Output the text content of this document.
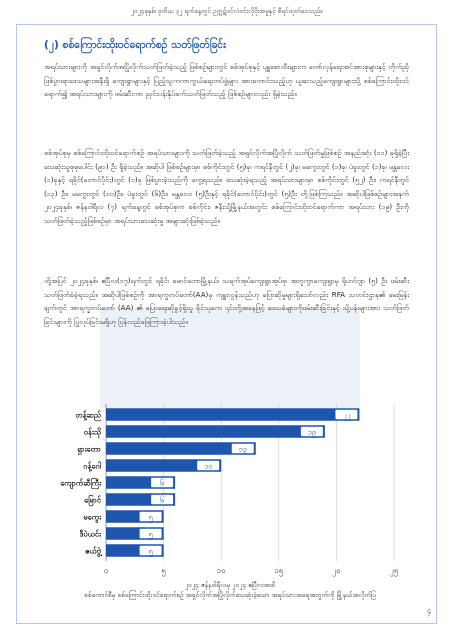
၂၀၂၄ခုနှစ်၊ ဒုတိယ ၃၂ ရက်နေ့တွင် ဥက္ကဋ်ဝင်လဲဝင်းလိုဝိုးအမှုနှင့် စီရင်ထုတ်ဝေသည်။
(၂) စစ်ကြောင်းထိုးဝင်ရောက်စဉ် သတ်ဖြတ်ခြင်း

အရပ်သားများကို အရှင်လိုက်အပြိုလိုက်သတ်ဖြတ်ခဲ့သည့် ဖြစ်စဉ်များတွင် စစ်အုပ်စုနှင့် ပျူစောထီးများက တော်လှန်ရေးအင်အားစုများနှင့် ကိုက်ညှိဖြစ်ပွားရာဒေသများအနီးရှိ ကျေးရွာများနှင့် ပြည့်သူကကာကွယ်ရေးတပ်ဖွဲ့များ အားကောင်းသည့်ဟု ယူဆသည့်ကျေးရွာများသို့ စစ်ကြောင်းထိုးဝင်ရောက်၍ အရပ်သားများကို ဖမ်းဆီးကာ ညှင်းပန်းနှိပ်စက်သတ်ဖြတ်သည့် ဖြစ်စဉ်များလည်း ရှိခဲ့သည်။

စစ်အုပ်စုမှ စစ်ကြောင်းထိုးဝင်ရောက်စဉ် အရပ်သားများကို သတ်ဖြတ်ခဲ့သည့် အရှင်လိုက်အပြိုလိုက် သတ်ဖြတ်မှုဖြစ်စဉ် အနည်းဆုံး (၁၁) ခုရှိခဲ့ပြီး သေဆုံးသူစုစုပေါင်း (၉၁) ဦး ရှိခဲ့သည်။ အဆိုပါ ဖြစ်စဉ်များမှာ စစ်ကိုင်းတွင် (၅)ခု၊ ကရင်နီတွင် (၂)ခု၊ မကွေးတွင် (၁)ခု၊ ပဲခူးတွင် (၁)ခု၊ မန္တလေး (၁)ခုနှင့် ရခိုင်(တောင်ပိုင်း)တွင် (၁)ခု ဖြစ်ပွားခဲ့သည်ကို တွေ့ရသည်။ သေဆုံးခဲ့ရသည့် အရပ်သားများမှာ စစ်ကိုင်းတွင် (၅၂) ဦး၊ ကရင်နီတွင် (၁၃) ဦး၊ မကွေးတွင် (၁၀)ဦး၊ ပဲခူးတွင် (၆)ဦး၊ မန္တလေး (၅)ဦးနှင့် ရခိုင်(တောင်ပိုင်း)တွင် (၅)ဦး တို့ဖြစ်ကြသည်။ အဆိုပါဖြစ်စဉ်များအနက် ၂၀၂၄ခုနှစ်၊ ဇန်နဝါရီလ (၇) ရက်နေ့တွင် စစ်အုပ်စုက စစ်ကိုင်း၊ ဇနီးသို့မြို့နယ်အတွင်း စစ်ကြောင်းထိုးဝင်ရောက်ကာ အရပ်သား (၁၉) ဦးကို သတ်ဖြတ်ခဲ့သည့်ဖြစ်စဉ်မှာ အရပ်သားသေဆုံးမှု အများဆုံးဖြစ်ခဲ့သည်။

ထို့အပြင် ၂၀၂၄ခုနှစ်၊ ဧပြီလ(၁၇)ရက်တွင် ရခိုင်၊ မောင်တောမြို့နယ်၊ သရက်အုပ်ကျေးရွာအုပ်စု၊ အဘူကွာကျေးရွာမှ ရိုဟင်ဂျာ (၅) ဦး ဖမ်းဆီးသတ်ဖြတ်ခံခဲ့ရသည်။ အဆိုပါဖြစ်စဉ်ကို အာရက္ခတပ်တော်(AA)မှ ကျူးလွန်သည်ဟု ပြောဆိုမှုများရှိသော်လည်း RFA သတင်းဌာန၏ မေးမြန်းချက်တွင် အာရက္ခတပ်တော် (AA) ၏ ပြောရေးဆိုခွင့်ရှိသူ ခိုင်သုခက ၎င်းတို့အနေဖြင့် ဒေသခံများကိုဖမ်းဆီးခြင်းနှင့် သို့ပန်းများအား သတ်ဖြတ်ခြင်းများကို ပြုလုပ်ခြင်းမရှိဟု ပြန်လည်ဖြေကြားခဲ့ပါသည်။

၀	၅	၁၀	၁၅	၂၀	၂၅
တန့်ဆည်	၂၂
ဝန်းသို	၁၉
ရှားတော	၁၃
ဂန့်ဂေါ	၁၀
ကျောက်ဆီကြီး	၆
မြောင်	၆
မကွေး	၅
ဒီပဲယင်း	၅
ဇယ်ဗွဲ့	၅
၂၀၂၄ ဇန်နဝါရီလမှ ၂၀၂၄ ဧပြီလအထိ
စစ်ကောင်စီမှ စစ်ကြောင်းထိုးဝင်ရောက်စဉ် အရှင်လိုက်အပြိုလိုက်သေဆုံးခဲ့သော အရပ်သားအရေအတွက်ကို မြို့နယ်အလိုက်ပြ
၄
